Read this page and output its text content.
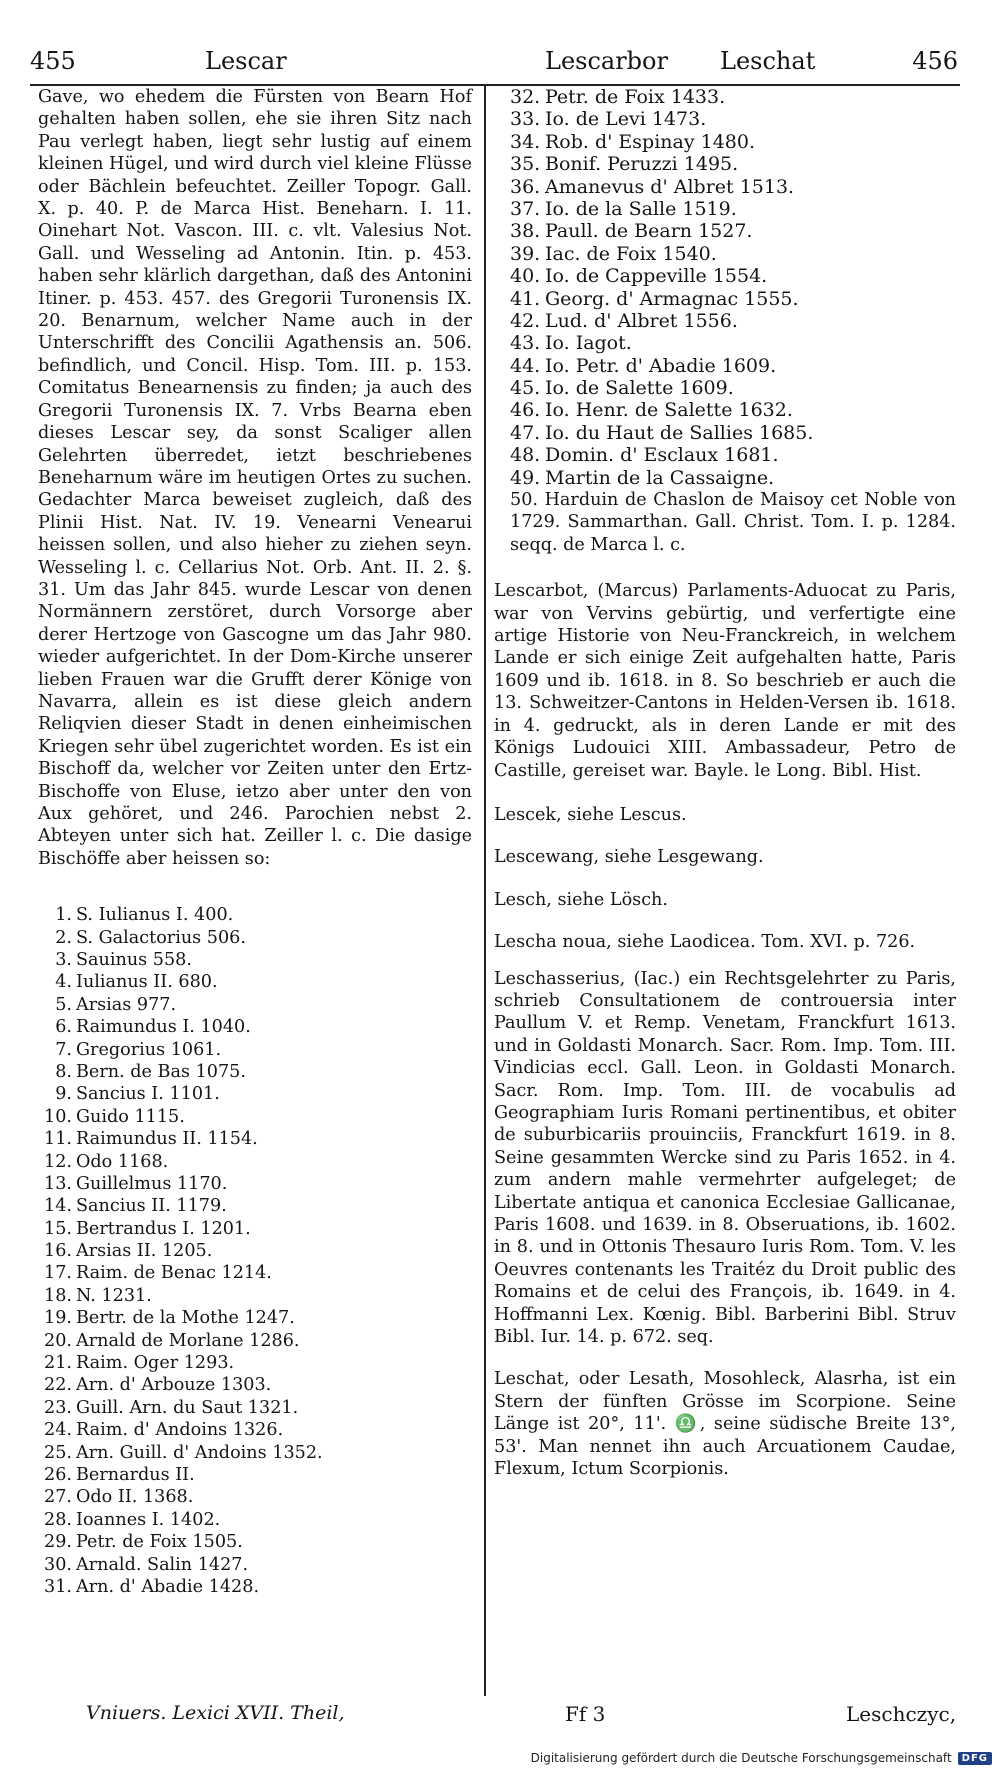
455	Lescar	Lescarbor Leschat	456

Gave, wo ehedem die Fürsten von Bearn Hof gehalten haben sollen, ehe sie ihren Sitz nach Pau verlegt haben, liegt sehr lustig auf einem kleinen Hügel, und wird durch viel kleine Flüsse oder Bächlein befeuchtet. Zeiller Topogr. Gall. X. p. 40. P. de Marca Hist. Beneharn. I. 11. Oinehart Not. Vascon. III. c. vlt. Valesius Not. Gall. und Wesseling ad Antonin. Itin. p. 453. haben sehr klärlich dargethan, daß des Antonini Itiner. p. 453. 457. des Gregorii Turonensis IX. 20. Benarnum, welcher Name auch in der Unterschrifft des Concilii Agathensis an. 506. befindlich, und Concil. Hisp. Tom. III. p. 153. Comitatus Benearnensis zu finden; ja auch des Gregorii Turonensis IX. 7. Vrbs Bearna eben dieses Lescar sey, da sonst Scaliger allen Gelehrten überredet, ietzt beschriebenes Beneharnum wäre im heutigen Ortes zu suchen. Gedachter Marca beweiset zugleich, daß des Plinii Hist. Nat. IV. 19. Venearni Venearui heissen sollen, und also hieher zu ziehen seyn. Wesseling l. c. Cellarius Not. Orb. Ant. II. 2. §. 31. Um das Jahr 845. wurde Lescar von denen Normännern zerstöret, durch Vorsorge aber derer Hertzoge von Gascogne um das Jahr 980. wieder aufgerichtet. In der Dom-Kirche unserer lieben Frauen war die Grufft derer Könige von Navarra, allein es ist diese gleich andern Reliqvien dieser Stadt in denen einheimischen Kriegen sehr übel zugerichtet worden. Es ist ein Bischoff da, welcher vor Zeiten unter den Ertz-Bischoffe von Eluse, ietzo aber unter den von Aux gehöret, und 246. Parochien nebst 2. Abteyen unter sich hat. Zeiller l. c. Die dasige Bischöffe aber heissen so:

1. S. Iulianus I. 400.
2. S. Galactorius 506.
3. Sauinus 558.
4. Iulianus II. 680.
5. Arsias 977.
6. Raimundus I. 1040.
7. Gregorius 1061.
8. Bern. de Bas 1075.
9. Sancius I. 1101.
10. Guido 1115.
11. Raimundus II. 1154.
12. Odo 1168.
13. Guillelmus 1170.
14. Sancius II. 1179.
15. Bertrandus I. 1201.
16. Arsias II. 1205.
17. Raim. de Benac 1214.
18. N. 1231.
19. Bertr. de la Mothe 1247.
20. Arnald de Morlane 1286.
21. Raim. Oger 1293.
22. Arn. d' Arbouze 1303.
23. Guill. Arn. du Saut 1321.
24. Raim. d' Andoins 1326.
25. Arn. Guill. d' Andoins 1352.
26. Bernardus II.
27. Odo II. 1368.
28. Ioannes I. 1402.
29. Petr. de Foix 1505.
30. Arnald. Salin 1427.
31. Arn. d' Abadie 1428.
32. Petr. de Foix 1433.
33. Io. de Levi 1473.
34. Rob. d' Espinay 1480.
35. Bonif. Peruzzi 1495.
36. Amanevus d' Albret 1513.
37. Io. de la Salle 1519.
38. Paull. de Bearn 1527.
39. Iac. de Foix 1540.
40. Io. de Cappeville 1554.
41. Georg. d' Armagnac 1555.
42. Lud. d' Albret 1556.
43. Io. Iagot.
44. Io. Petr. d' Abadie 1609.
45. Io. de Salette 1609.
46. Io. Henr. de Salette 1632.
47. Io. du Haut de Sallies 1685.
48. Domin. d' Esclaux 1681.
49. Martin de la Cassaigne.

50. Harduin de Chaslon de Maisoy cet Noble von 1729. Sammarthan. Gall. Christ. Tom. I. p. 1284. seqq. de Marca l. c.

Lescarbot, (Marcus) Parlaments-Aduocat zu Paris, war von Vervins gebürtig, und verfertigte eine artige Historie von Neu-Franckreich, in welchem Lande er sich einige Zeit aufgehalten hatte, Paris 1609 und ib. 1618. in 8. So beschrieb er auch die 13. Schweitzer-Cantons in Helden-Versen ib. 1618. in 4. gedruckt, als in deren Lande er mit des Königs Ludouici XIII. Ambassadeur, Petro de Castille, gereiset war. Bayle. le Long. Bibl. Hist.

Lescek, siehe Lescus.

Lescewang, siehe Lesgewang.

Lesch, siehe Lösch.

Lescha noua, siehe Laodicea. Tom. XVI. p. 726.

Leschasserius, (Iac.) ein Rechtsgelehrter zu Paris, schrieb Consultationem de controuersia inter Paullum V. et Remp. Venetam, Franckfurt 1613. und in Goldasti Monarch. Sacr. Rom. Imp. Tom. III. Vindicias eccl. Gall. Leon. in Goldasti Monarch. Sacr. Rom. Imp. Tom. III. de vocabulis ad Geographiam Iuris Romani pertinentibus, et obiter de suburbicariis prouinciis, Franckfurt 1619. in 8. Seine gesammten Wercke sind zu Paris 1652. in 4. zum andern mahle vermehrter aufgeleget; de Libertate antiqua et canonica Ecclesiae Gallicanae, Paris 1608. und 1639. in 8. Obseruations, ib. 1602. in 8. und in Ottonis Thesauro Iuris Rom. Tom. V. les Oeuvres contenants les Traitéz du Droit public des Romains et de celui des François, ib. 1649. in 4. Hoffmanni Lex. Kœnig. Bibl. Barberini Bibl. Struv Bibl. Iur. 14. p. 672. seq.

Leschat, oder Lesath, Mosohleck, Alasrha, ist ein Stern der fünften Grösse im Scorpione. Seine Länge ist 20°, 11'. ♎, seine südische Breite 13°, 53'. Man nennet ihn auch Arcuationem Caudae, Flexum, Ictum Scorpionis.

Vniuers. Lexici XVII. Theil,	Ff 3	Leschczyc,
Digitalisierung gefördert durch die Deutsche Forschungsgemeinschaft	DFG
